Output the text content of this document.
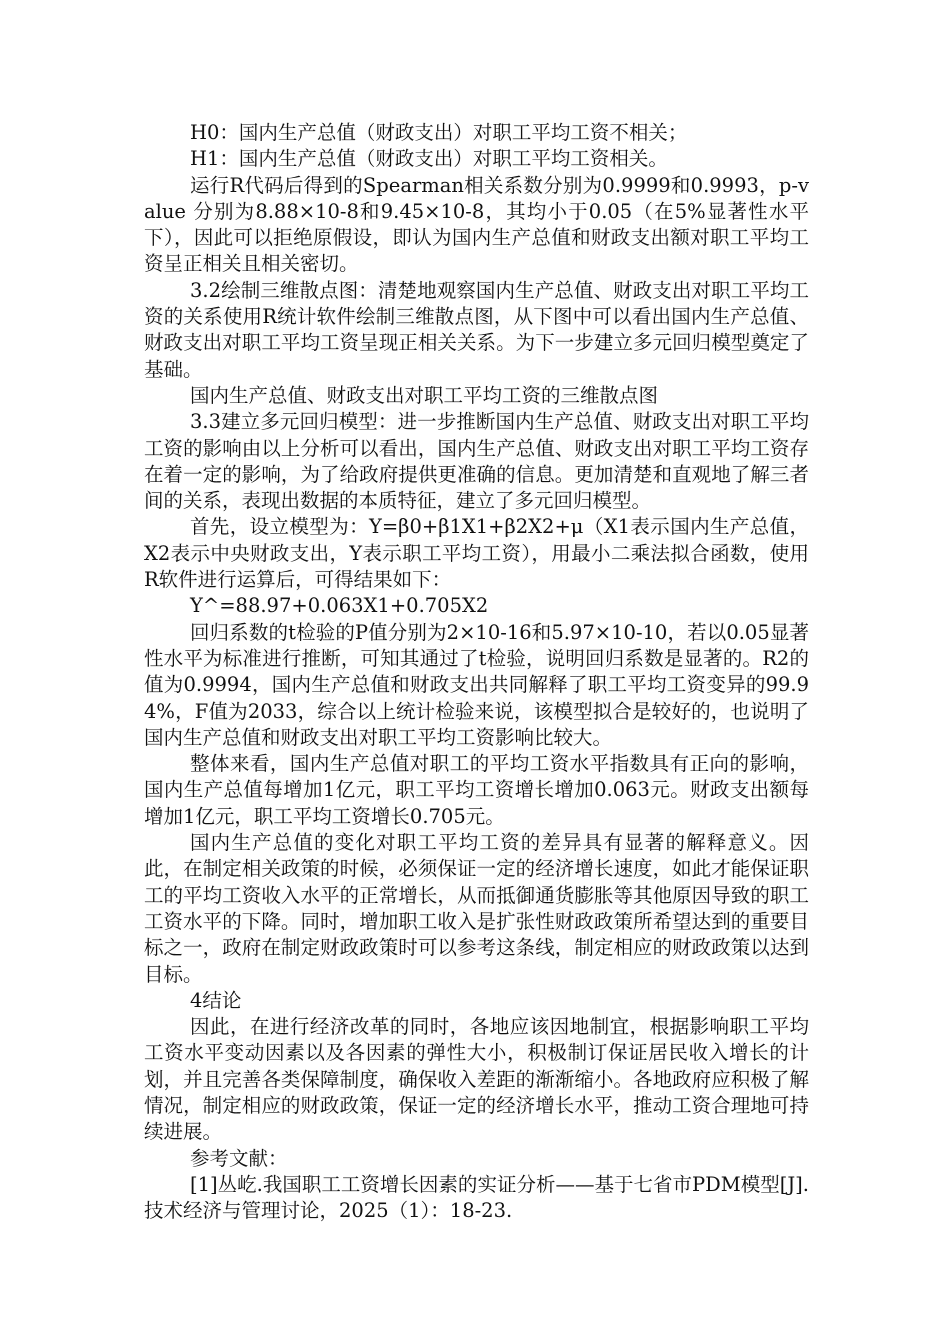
H0：国内生产总值（财政支出）对职工平均工资不相关；

H1：国内生产总值（财政支出）对职工平均工资相关。

运行R代码后得到的Spearman相关系数分别为0.9999和0.9993，p-value 分别为8.88×10-8和9.45×10-8，其均小于0.05（在5%显著性水平下），因此可以拒绝原假设，即认为国内生产总值和财政支出额对职工平均工资呈正相关且相关密切。

3.2绘制三维散点图：清楚地观察国内生产总值、财政支出对职工平均工资的关系使用R统计软件绘制三维散点图，从下图中可以看出国内生产总值、财政支出对职工平均工资呈现正相关关系。为下一步建立多元回归模型奠定了基础。

国内生产总值、财政支出对职工平均工资的三维散点图

3.3建立多元回归模型：进一步推断国内生产总值、财政支出对职工平均工资的影响由以上分析可以看出，国内生产总值、财政支出对职工平均工资存在着一定的影响，为了给政府提供更准确的信息。更加清楚和直观地了解三者间的关系，表现出数据的本质特征，建立了多元回归模型。

首先，设立模型为：Y=β0+β1X1+β2X2+μ（X1表示国内生产总值，X2表示中央财政支出，Y表示职工平均工资），用最小二乘法拟合函数，使用R软件进行运算后，可得结果如下：

Y^=88.97+0.063X1+0.705X2

回归系数的t检验的P值分别为2×10-16和5.97×10-10，若以0.05显著性水平为标准进行推断，可知其通过了t检验，说明回归系数是显著的。R2的值为0.9994，国内生产总值和财政支出共同解释了职工平均工资变异的99.94%，F值为2033，综合以上统计检验来说，该模型拟合是较好的，也说明了国内生产总值和财政支出对职工平均工资影响比较大。

整体来看，国内生产总值对职工的平均工资水平指数具有正向的影响，国内生产总值每增加1亿元，职工平均工资增长增加0.063元。财政支出额每增加1亿元，职工平均工资增长0.705元。

国内生产总值的变化对职工平均工资的差异具有显著的解释意义。因此，在制定相关政策的时候，必须保证一定的经济增长速度，如此才能保证职工的平均工资收入水平的正常增长，从而抵御通货膨胀等其他原因导致的职工工资水平的下降。同时，增加职工收入是扩张性财政政策所希望达到的重要目标之一，政府在制定财政政策时可以参考这条线，制定相应的财政政策以达到目标。

4结论

因此，在进行经济改革的同时，各地应该因地制宜，根据影响职工平均工资水平变动因素以及各因素的弹性大小，积极制订保证居民收入增长的计划，并且完善各类保障制度，确保收入差距的渐渐缩小。各地政府应积极了解情况，制定相应的财政政策，保证一定的经济增长水平，推动工资合理地可持续进展。

参考文献：

[1]丛屹.我国职工工资增长因素的实证分析——基于七省市PDM模型[J].技术经济与管理讨论，2025（1）：18-23.
